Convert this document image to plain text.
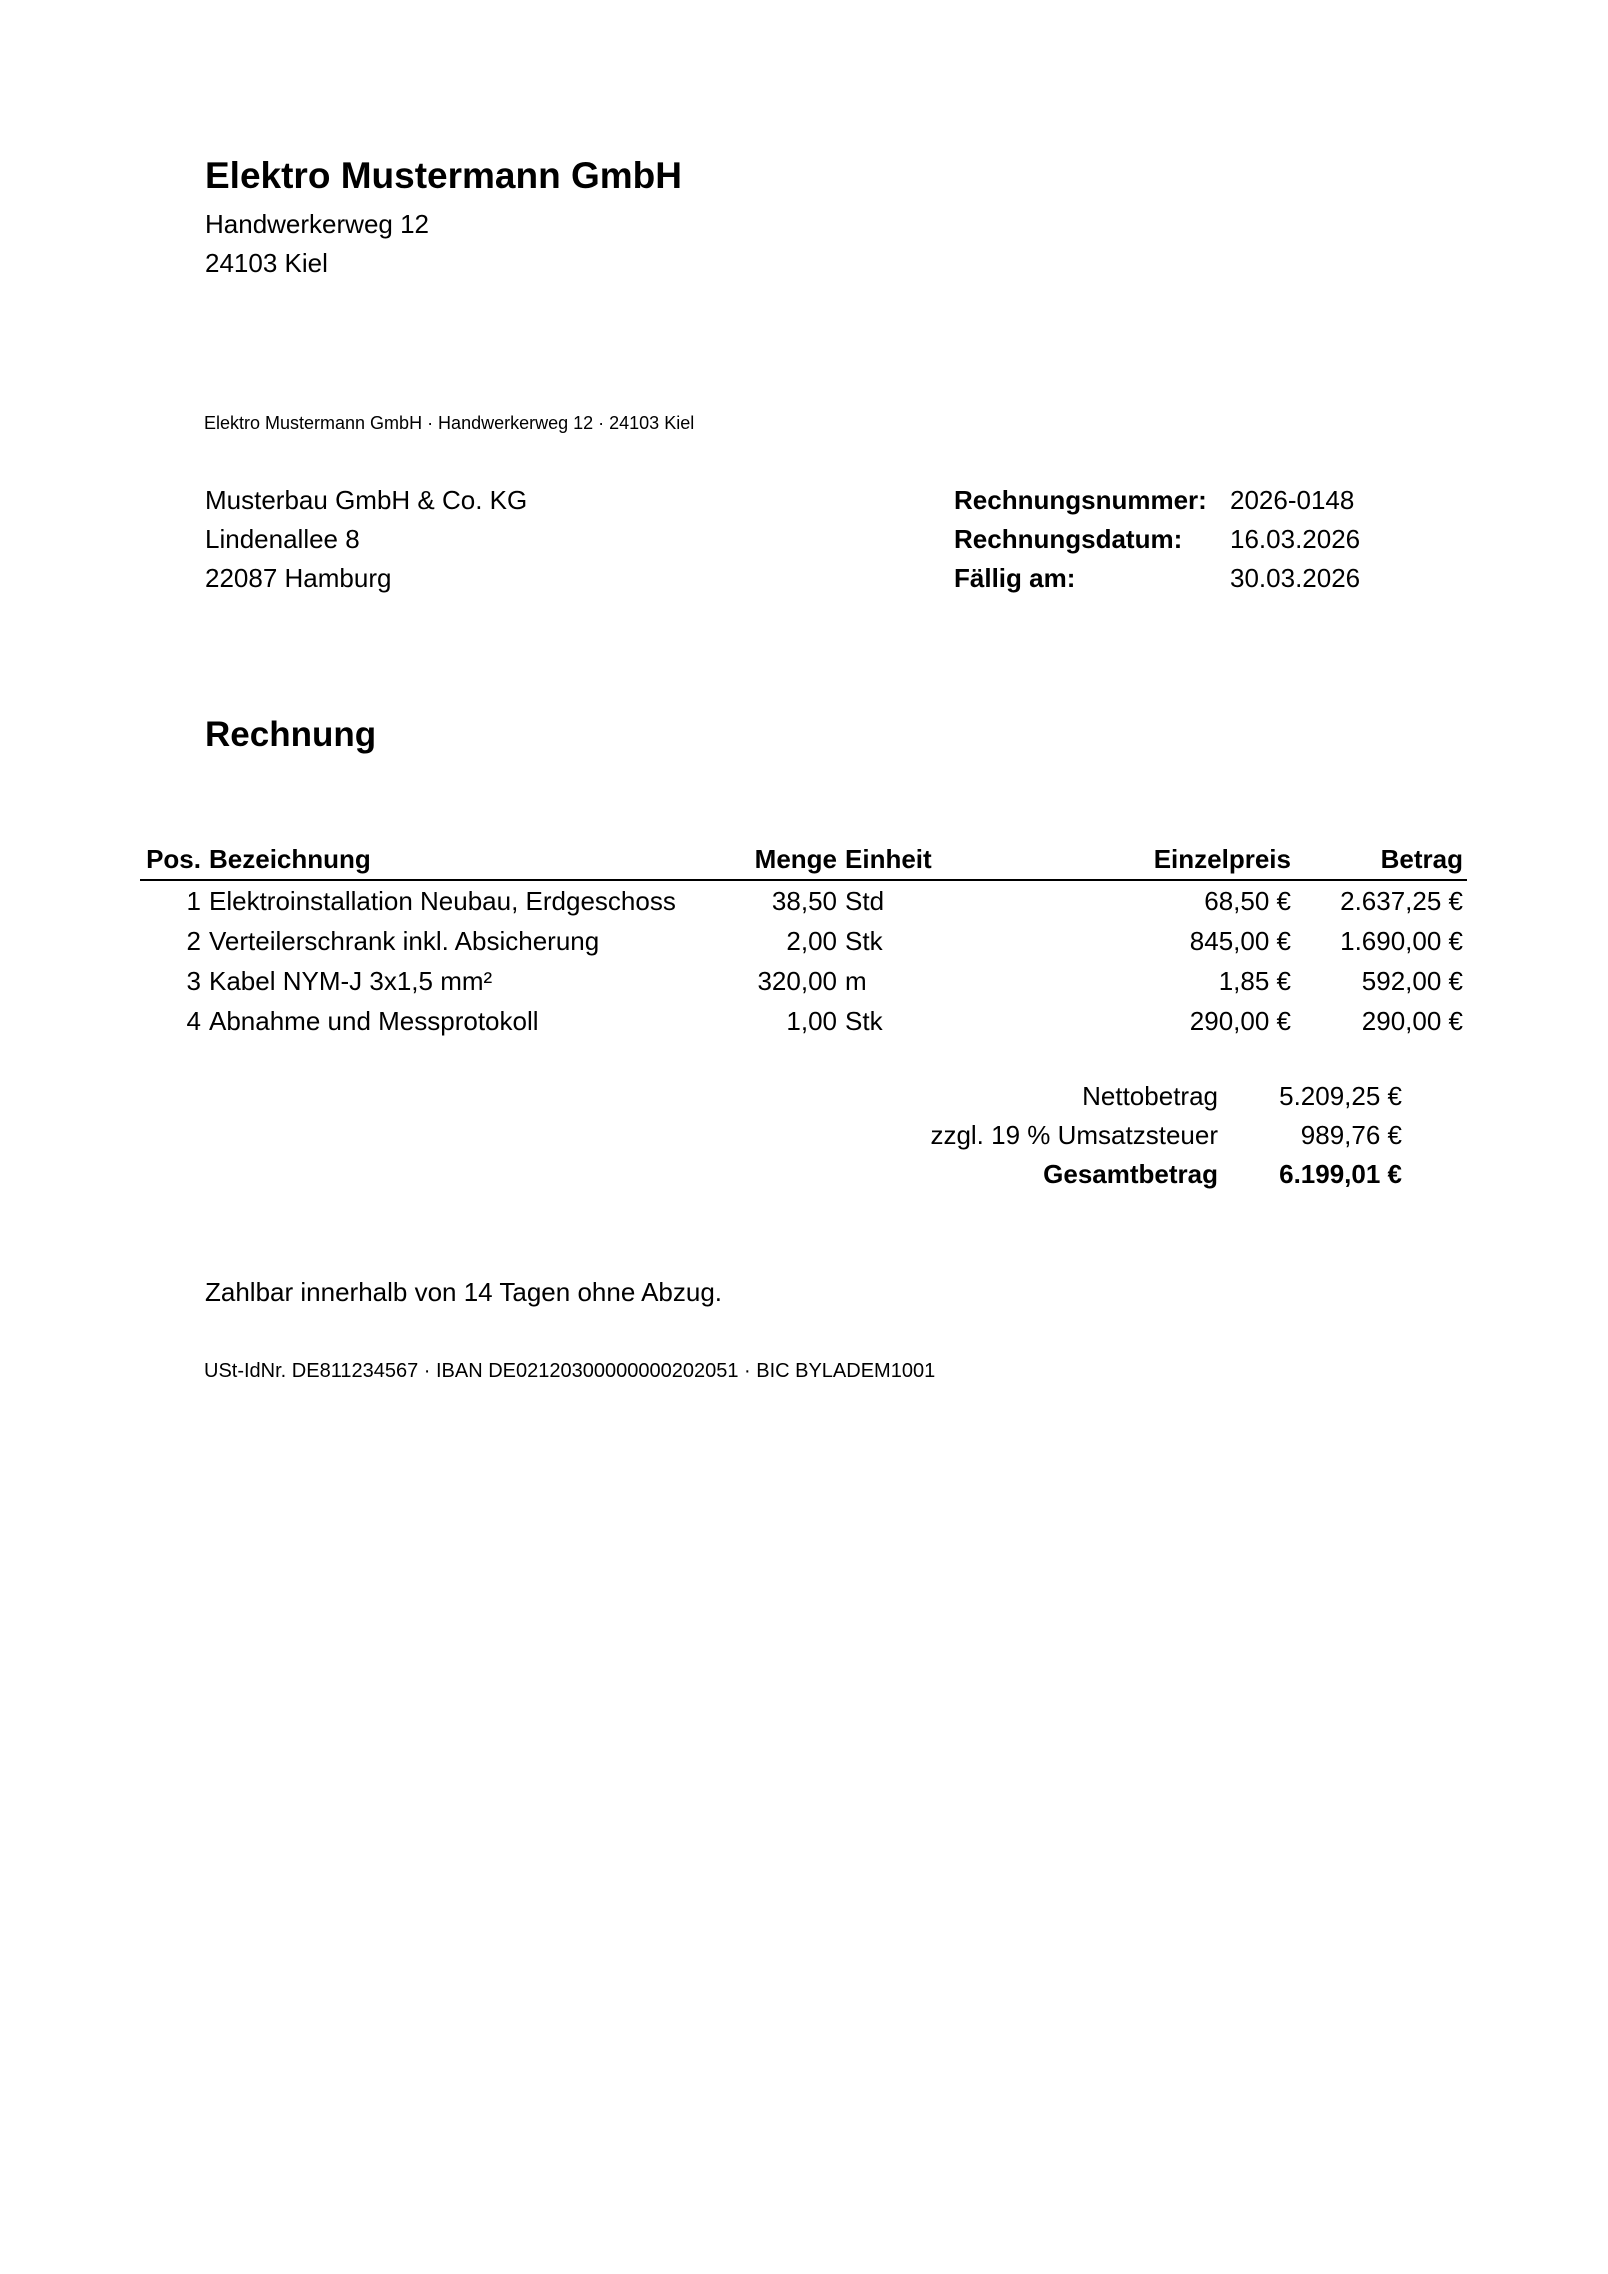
Elektro Mustermann GmbH
Handwerkerweg 12
24103 Kiel
Elektro Mustermann GmbH · Handwerkerweg 12 · 24103 Kiel
Musterbau GmbH & Co. KG
Lindenallee 8
22087 Hamburg
Rechnungsnummer: 2026-0148
Rechnungsdatum: 16.03.2026
Fällig am:	30.03.2026
Rechnung
Pos.	Bezeichnung	Menge	Einheit	Einzelpreis	Betrag
1	Elektroinstallation Neubau, Erdgeschoss	38,50	Std	68,50 €	2.637,25 €
2	Verteilerschrank inkl. Absicherung	2,00	Stk	845,00 €	1.690,00 €
3	Kabel NYM-J 3x1,5 mm²	320,00	m	1,85 €	592,00 €
4	Abnahme und Messprotokoll	1,00	Stk	290,00 €	290,00 €
Nettobetrag 5.209,25 €
zzgl. 19 % Umsatzsteuer	989,76 €
Gesamtbetrag 6.199,01 €
Zahlbar innerhalb von 14 Tagen ohne Abzug.
USt-IdNr. DE811234567 · IBAN DE02120300000000202051 · BIC BYLADEM1001
